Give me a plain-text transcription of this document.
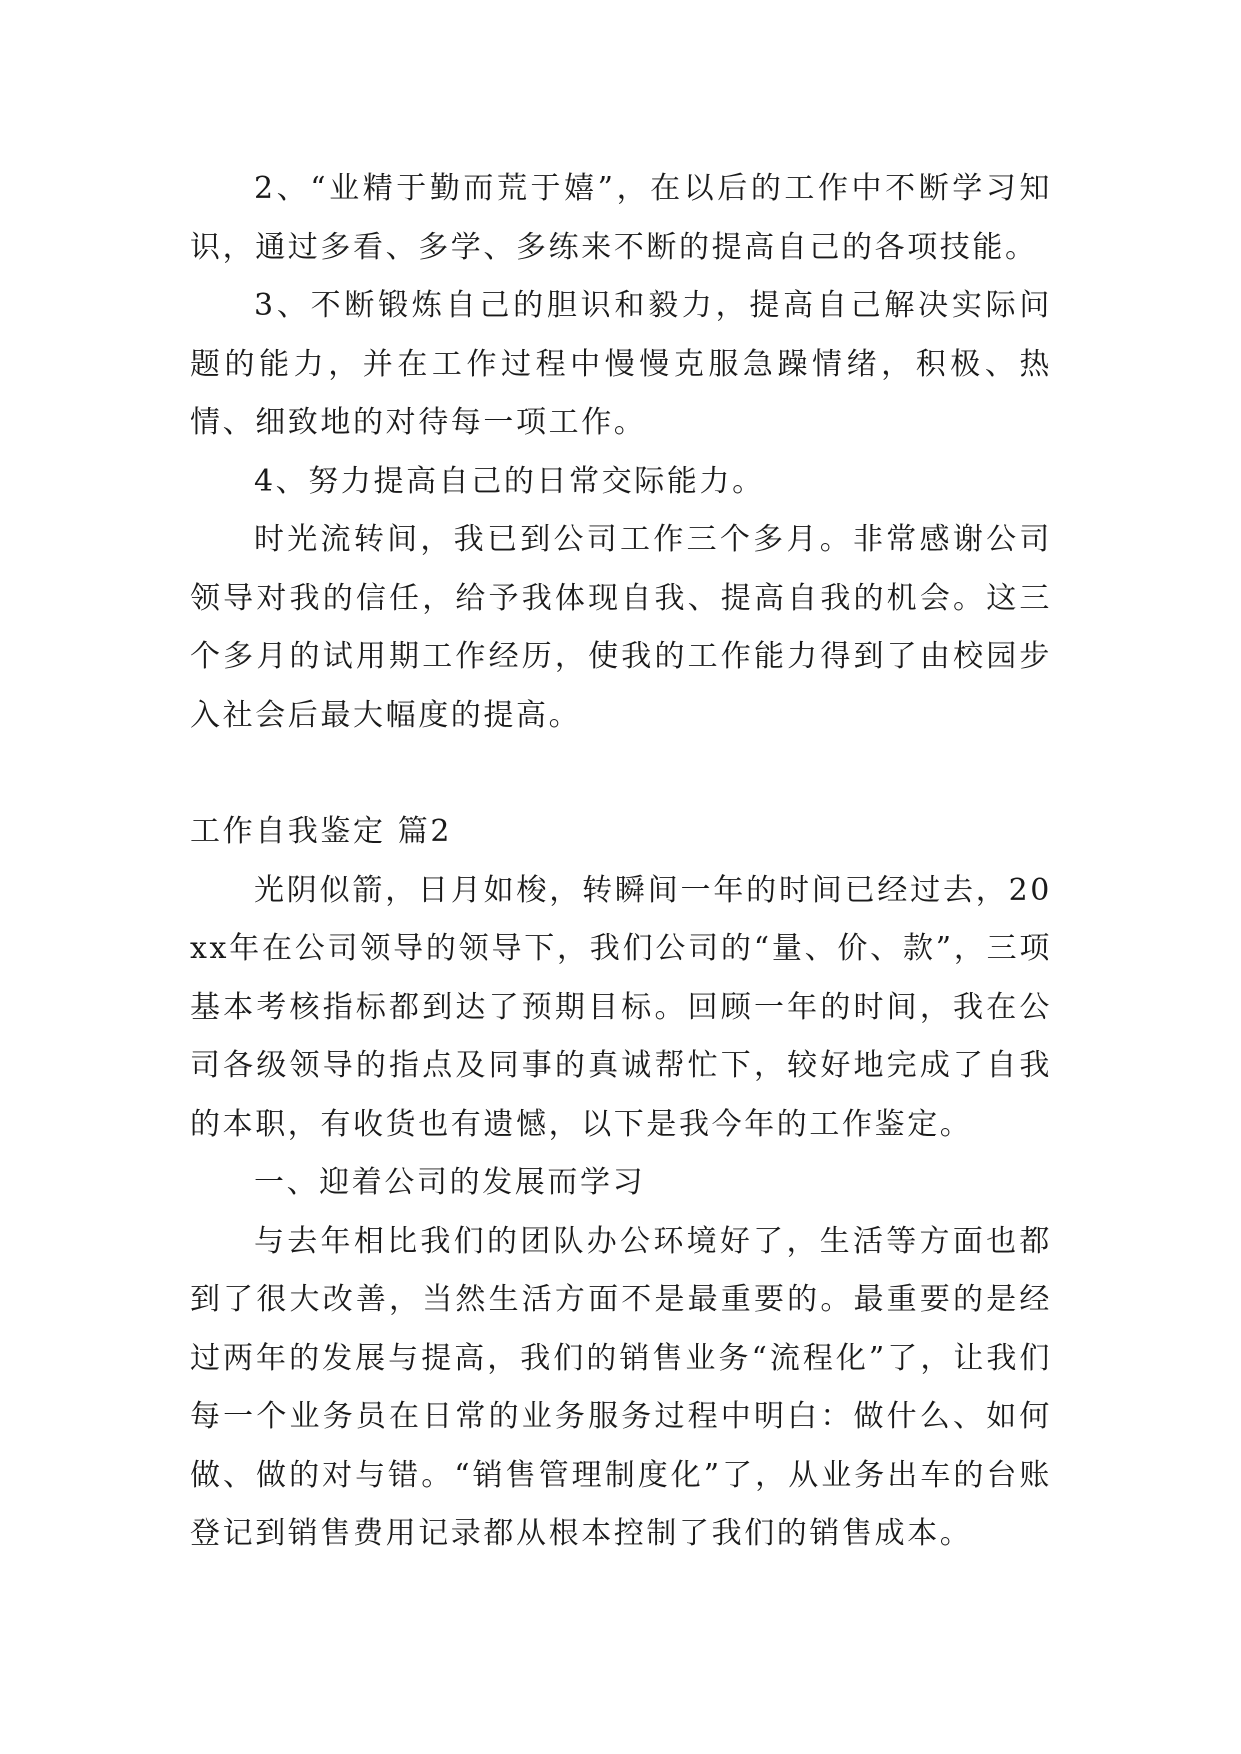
2、“业精于勤而荒于嬉”，在以后的工作中不断学习知识，通过多看、多学、多练来不断的提高自己的各项技能。

3、不断锻炼自己的胆识和毅力，提高自己解决实际问题的能力，并在工作过程中慢慢克服急躁情绪，积极、热情、细致地的对待每一项工作。

4、努力提高自己的日常交际能力。

时光流转间，我已到公司工作三个多月。非常感谢公司领导对我的信任，给予我体现自我、提高自我的机会。这三个多月的试用期工作经历，使我的工作能力得到了由校园步入社会后最大幅度的提高。

工作自我鉴定 篇2

光阴似箭，日月如梭，转瞬间一年的时间已经过去，20xx年在公司领导的领导下，我们公司的“量、价、款”，三项基本考核指标都到达了预期目标。回顾一年的时间，我在公司各级领导的指点及同事的真诚帮忙下，较好地完成了自我的本职，有收货也有遗憾，以下是我今年的工作鉴定。

一、迎着公司的发展而学习

与去年相比我们的团队办公环境好了，生活等方面也都到了很大改善，当然生活方面不是最重要的。最重要的是经过两年的发展与提高，我们的销售业务“流程化”了，让我们每一个业务员在日常的业务服务过程中明白：做什么、如何做、做的对与错。“销售管理制度化”了，从业务出车的台账登记到销售费用记录都从根本控制了我们的销售成本。
